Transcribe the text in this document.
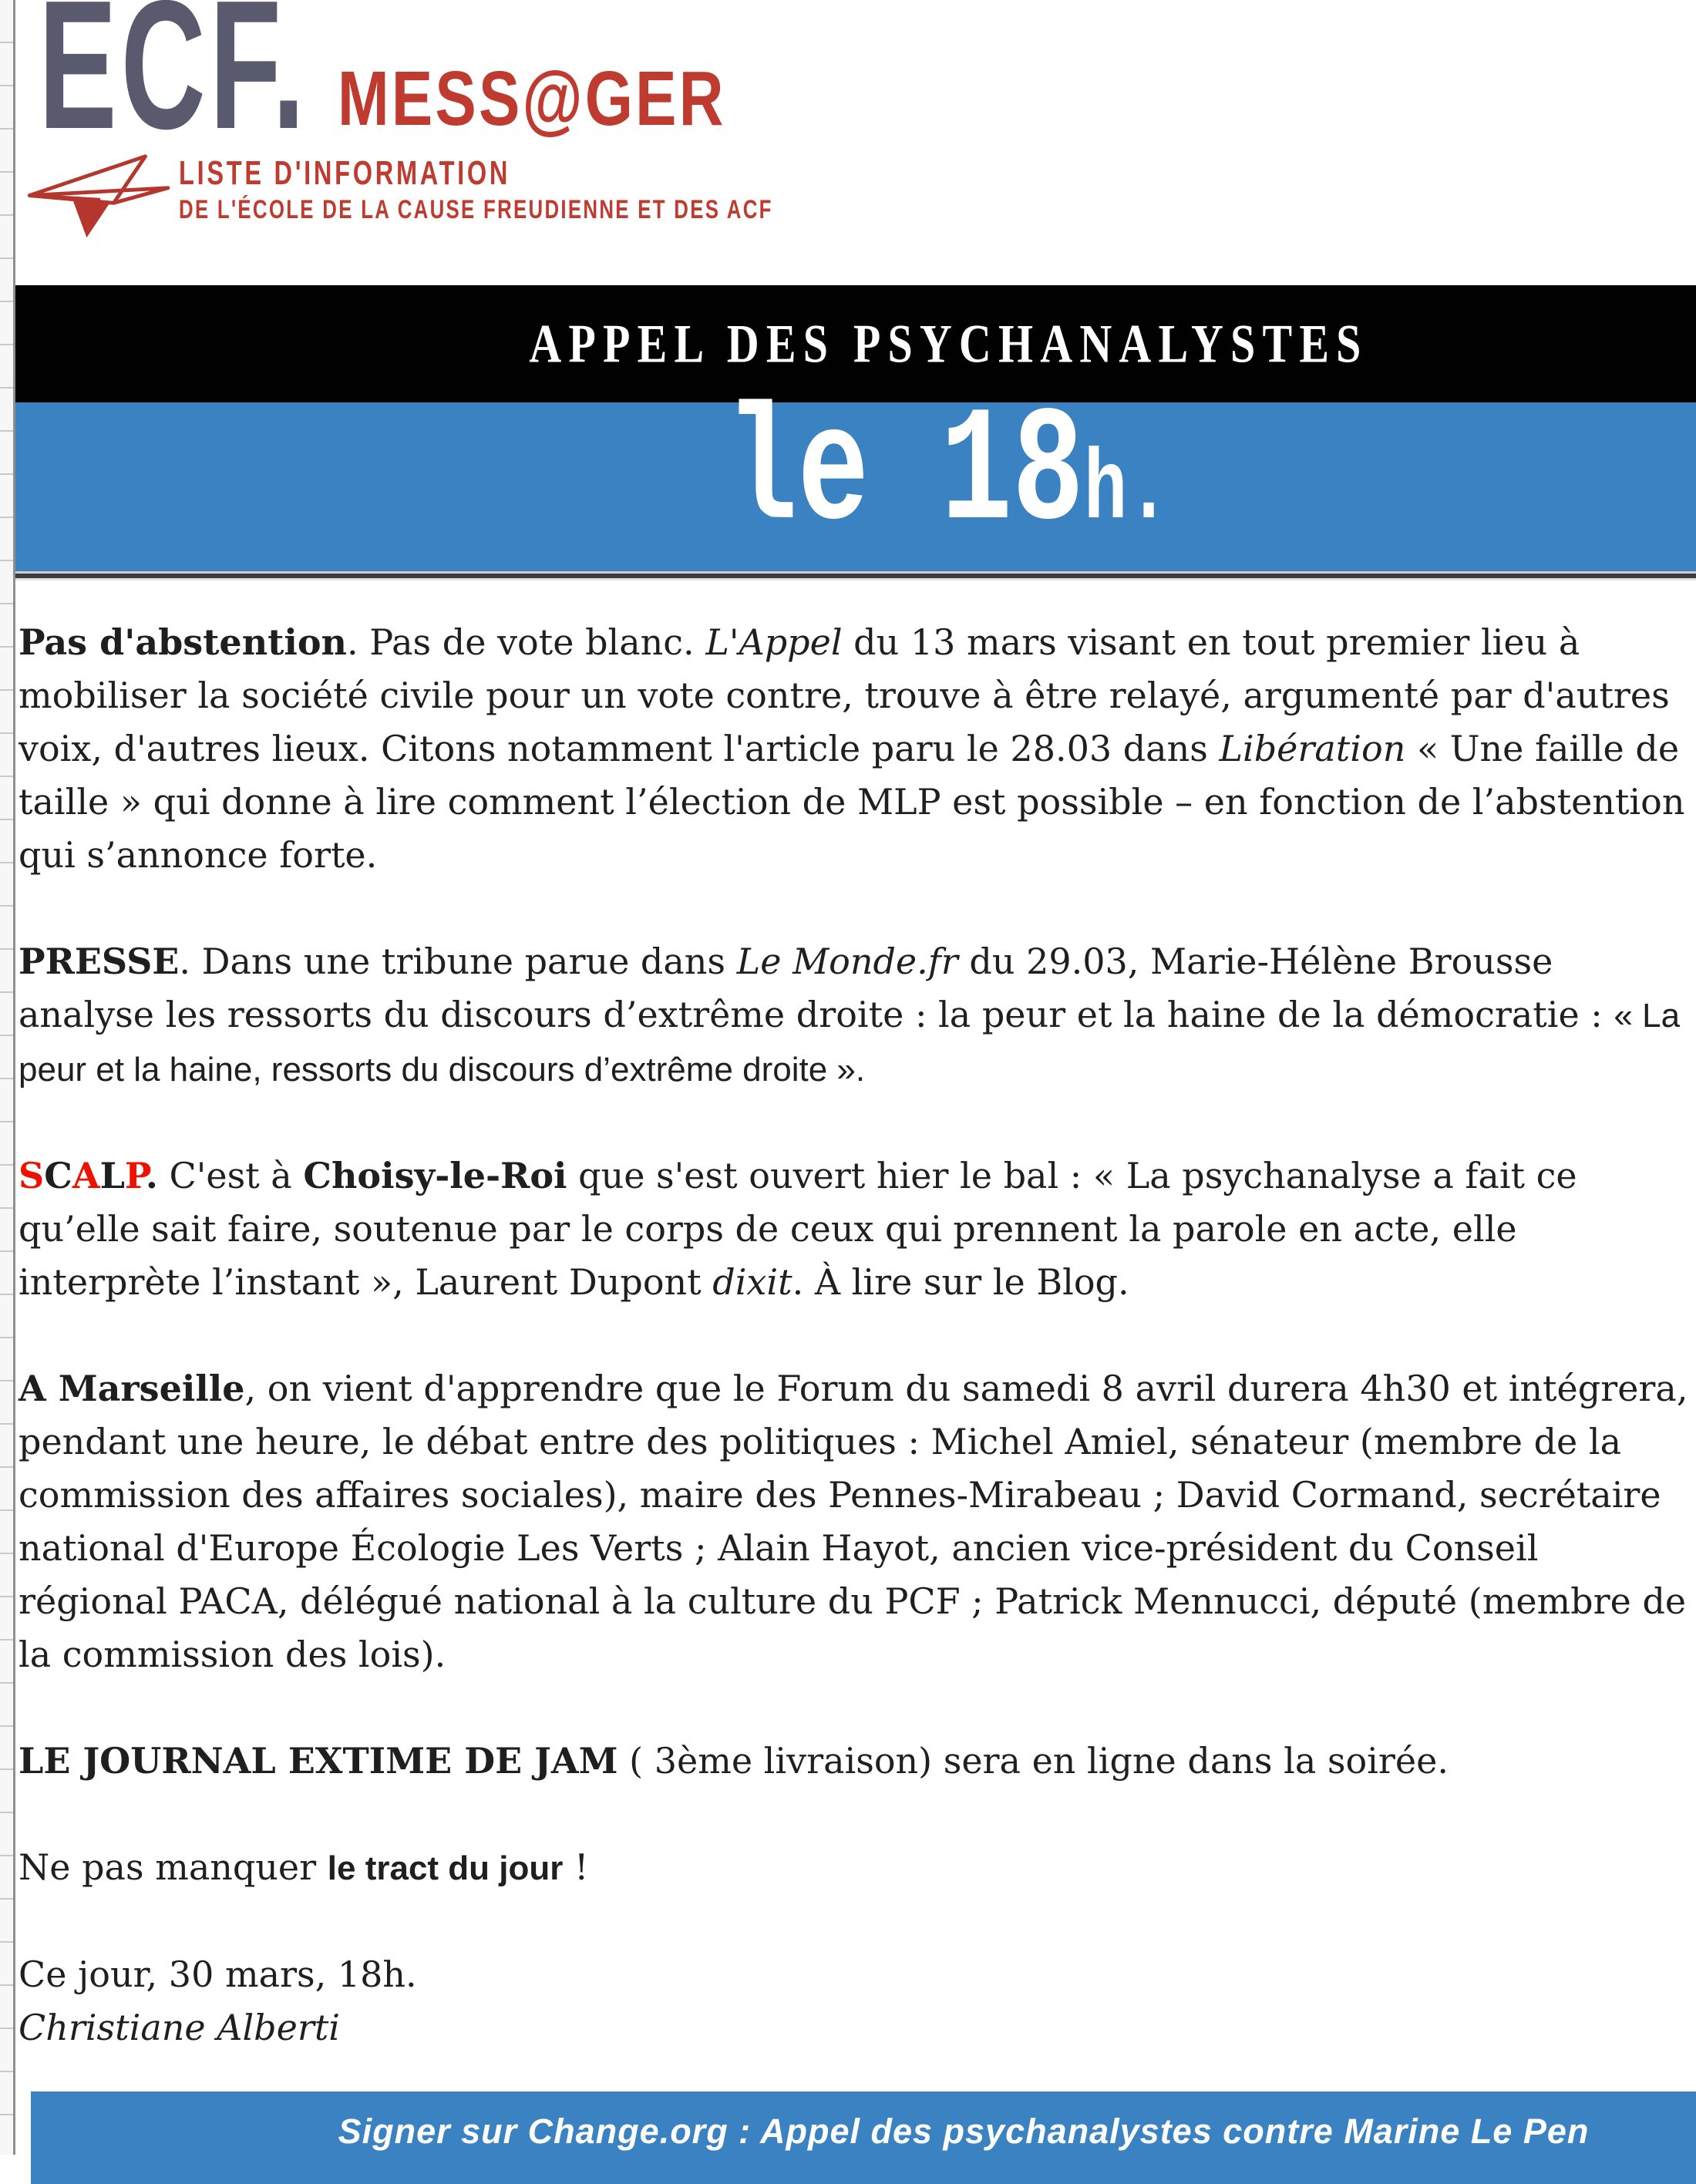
ECF. MESS@GER
LISTE D'INFORMATION
DE L'ÉCOLE DE LA CAUSE FREUDIENNE ET DES ACF
APPEL DES PSYCHANALYSTES
le 18h.

Pas d'abstention. Pas de vote blanc. L'Appel du 13 mars visant en tout premier lieu à mobiliser la société civile pour un vote contre, trouve à être relayé, argumenté par d'autres voix, d'autres lieux. Citons notamment l'article paru le 28.03 dans Libération « Une faille de taille » qui donne à lire comment l’élection de MLP est possible – en fonction de l’abstention qui s’annonce forte.

PRESSE. Dans une tribune parue dans Le Monde.fr du 29.03, Marie-Hélène Brousse analyse les ressorts du discours d’extrême droite : la peur et la haine de la démocratie : « La peur et la haine, ressorts du discours d’extrême droite ».

SCALP. C'est à Choisy-le-Roi que s'est ouvert hier le bal : « La psychanalyse a fait ce qu’elle sait faire, soutenue par le corps de ceux qui prennent la parole en acte, elle interprète l’instant », Laurent Dupont dixit. À lire sur le Blog.

A Marseille, on vient d'apprendre que le Forum du samedi 8 avril durera 4h30 et intégrera, pendant une heure, le débat entre des politiques : Michel Amiel, sénateur (membre de la commission des affaires sociales), maire des Pennes-Mirabeau ; David Cormand, secrétaire national d'Europe Écologie Les Verts ; Alain Hayot, ancien vice-président du Conseil régional PACA, délégué national à la culture du PCF ; Patrick Mennucci, député (membre de la commission des lois).

LE JOURNAL EXTIME DE JAM ( 3ème livraison) sera en ligne dans la soirée.

Ne pas manquer le tract du jour !

Ce jour, 30 mars, 18h.
Christiane Alberti

Signer sur Change.org : Appel des psychanalystes contre Marine Le Pen
